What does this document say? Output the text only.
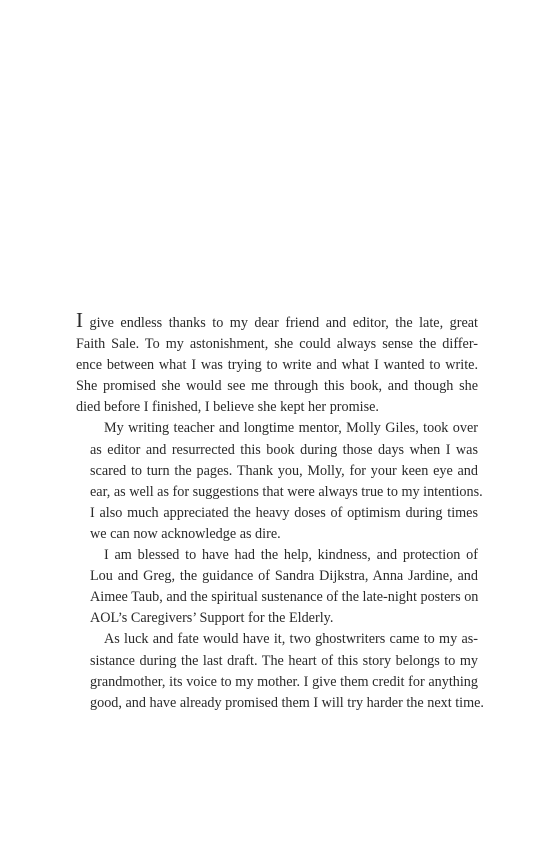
I give endless thanks to my dear friend and editor, the late, great
Faith Sale. To my astonishment, she could always sense the differ-
ence between what I was trying to write and what I wanted to write.
She promised she would see me through this book, and though she
died before I finished, I believe she kept her promise.

My writing teacher and longtime mentor, Molly Giles, took over
as editor and resurrected this book during those days when I was
scared to turn the pages. Thank you, Molly, for your keen eye and
ear, as well as for suggestions that were always true to my intentions.
I also much appreciated the heavy doses of optimism during times
we can now acknowledge as dire.

I am blessed to have had the help, kindness, and protection of
Lou and Greg, the guidance of Sandra Dijkstra, Anna Jardine, and
Aimee Taub, and the spiritual sustenance of the late-night posters on
AOL’s Caregivers’ Support for the Elderly.

As luck and fate would have it, two ghostwriters came to my as-
sistance during the last draft. The heart of this story belongs to my
grandmother, its voice to my mother. I give them credit for anything
good, and have already promised them I will try harder the next time.
